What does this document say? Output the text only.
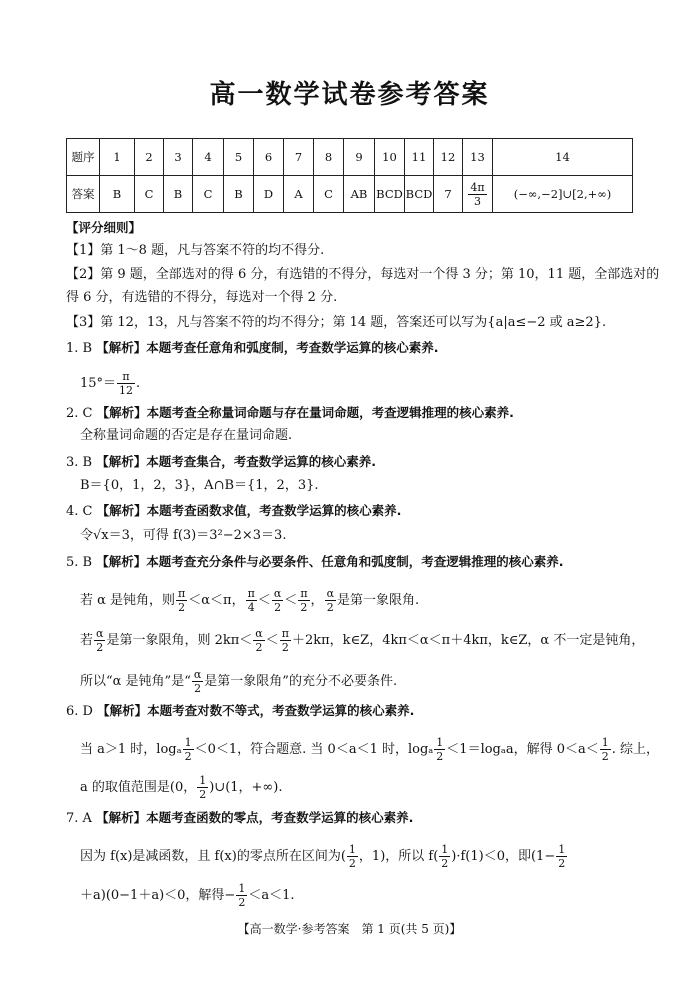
高一数学试卷参考答案
题序	1	2	3	4	5	6	7	8	9	10	11	12	13	14
答案	B	C	B	C	B	D	A	C	AB	BCD	BCD	7	$\frac{4\pi}{3}$	(−∞,−2]∪[2,+∞)
【评分细则】
【1】第 1～8 题，凡与答案不符的均不得分.
【2】第 9 题，全部选对的得 6 分，有选错的不得分，每选对一个得 3 分；第 10，11 题，全部选对的
得 6 分，有选错的不得分，每选对一个得 2 分.
【3】第 12，13，凡与答案不符的均不得分；第 14 题，答案还可以写为{a|a≤−2 或 a≥2}.
1. B 【解析】本题考查任意角和弧度制，考查数学运算的核心素养.
$15^\circ= \frac{\pi}{12}$ .
2. C 【解析】本题考查全称量词命题与存在量词命题，考查逻辑推理的核心素养.
全称量词命题的否定是存在量词命题.
3. B 【解析】本题考查集合，考查数学运算的核心素养.
B＝{0，1，2，3}，A∩B＝{1，2，3}.
4. C 【解析】本题考查函数求值，考查数学运算的核心素养.
令√x＝3，可得 f(3)＝3²−2×3＝3.
5. B 【解析】本题考查充分条件与必要条件、任意角和弧度制，考查逻辑推理的核心素养.
若 α 是钝角，则 $\frac{\pi}{2} <\alpha<\pi$， $\frac{\pi}{4} < \frac{\alpha}{2} < \frac{\pi}{2}$ ， $\frac{\alpha}{2}$ 是第一象限角.
若 $\frac{\alpha}{2}$ 是第一象限角，则 $2k\pi< \frac{\alpha}{2} < \frac{\pi}{2} +2k\pi$，k∈Z，4kπ＜α＜π＋4kπ，k∈Z，α 不一定是钝角，
所以“α 是钝角”是“ $\frac{\alpha}{2}$ 是第一象限角”的充分不必要条件.
6. D 【解析】本题考查对数不等式，考查数学运算的核心素养.
当 a＞1 时，logₐ $\frac{1}{2} <0<1$，符合题意. 当 0＜a＜1 时，logₐ $\frac{1}{2} <1=\log_aa$，解得 $0<a< \frac{1}{2}$ . 综上，
a 的取值范围是(0， $\frac{1}{2}$ )∪(1，+∞).
7. A 【解析】本题考查函数的零点，考查数学运算的核心素养.
因为 f(x)是减函数，且 f(x)的零点所在区间为( $\frac{1}{2}$ ，1)，所以 $f( \frac{1}{2} )\cdot f(1)<0$，即($1- \frac{1}{2}$
＋a)(0−1＋a)＜0，解得− $\frac{1}{2} <a<1$.
【高一数学·参考答案　第 1 页(共 5 页)】
